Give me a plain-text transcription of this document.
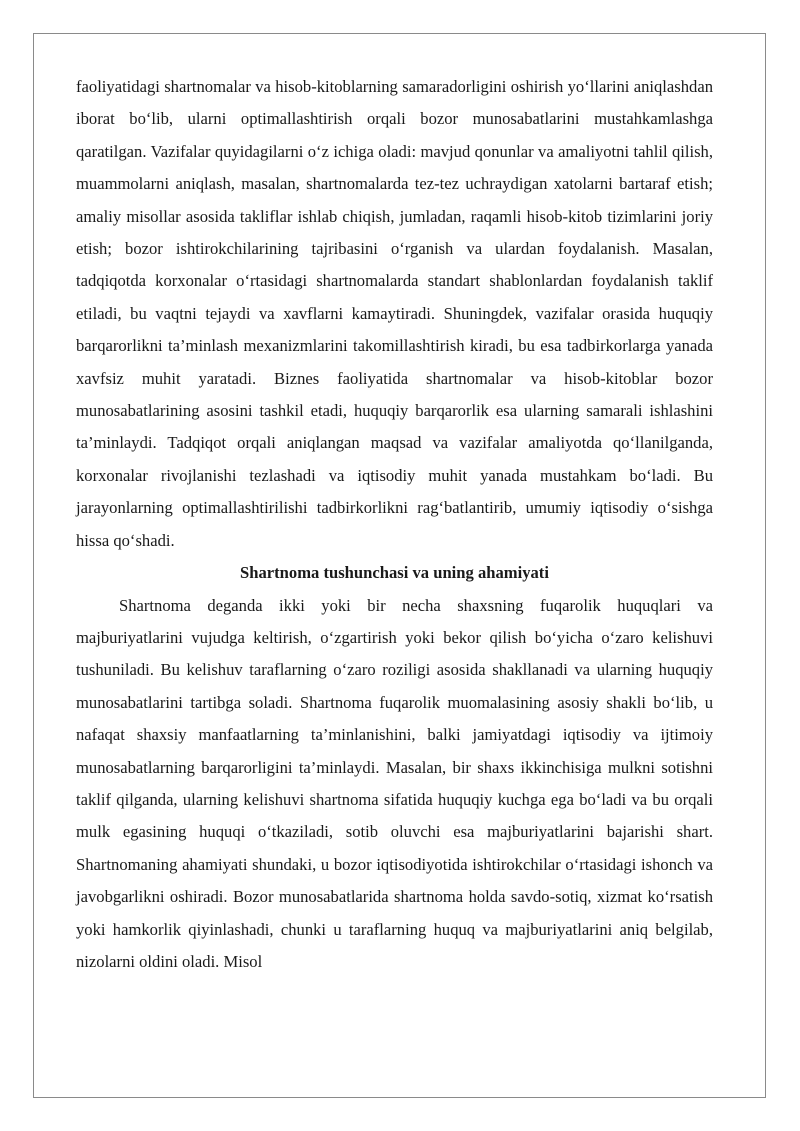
faoliyatidagi shartnomalar va hisob-kitoblarning samaradorligini oshirish yo‘llarini aniqlashdan iborat bo‘lib, ularni optimallashtirish orqali bozor munosabatlarini mustahkamlashga qaratilgan. Vazifalar quyidagilarni o‘z ichiga oladi: mavjud qonunlar va amaliyotni tahlil qilish, muammolarni aniqlash, masalan, shartnomalarda tez-tez uchraydigan xatolarni bartaraf etish; amaliy misollar asosida takliflar ishlab chiqish, jumladan, raqamli hisob-kitob tizimlarini joriy etish; bozor ishtirokchilarining tajribasini o‘rganish va ulardan foydalanish. Masalan, tadqiqotda korxonalar o‘rtasidagi shartnomalarda standart shablonlardan foydalanish taklif etiladi, bu vaqtni tejaydi va xavflarni kamaytiradi. Shuningdek, vazifalar orasida huquqiy barqarorlikni ta’minlash mexanizmlarini takomillashtirish kiradi, bu esa tadbirkorlarga yanada xavfsiz muhit yaratadi. Biznes faoliyatida shartnomalar va hisob-kitoblar bozor munosabatlarining asosini tashkil etadi, huquqiy barqarorlik esa ularning samarali ishlashini ta’minlaydi. Tadqiqot orqali aniqlangan maqsad va vazifalar amaliyotda qo‘llanilganda, korxonalar rivojlanishi tezlashadi va iqtisodiy muhit yanada mustahkam bo‘ladi. Bu jarayonlarning optimallashtirilishi tadbirkorlikni rag‘batlantirib, umumiy iqtisodiy o‘sishga hissa qo‘shadi.

Shartnoma tushunchasi va uning ahamiyati

Shartnoma deganda ikki yoki bir necha shaxsning fuqarolik huquqlari va majburiyatlarini vujudga keltirish, o‘zgartirish yoki bekor qilish bo‘yicha o‘zaro kelishuvi tushuniladi. Bu kelishuv taraflarning o‘zaro roziligi asosida shakllanadi va ularning huquqiy munosabatlarini tartibga soladi. Shartnoma fuqarolik muomalasining asosiy shakli bo‘lib, u nafaqat shaxsiy manfaatlarning ta’minlanishini, balki jamiyatdagi iqtisodiy va ijtimoiy munosabatlarning barqarorligini ta’minlaydi. Masalan, bir shaxs ikkinchisiga mulkni sotishni taklif qilganda, ularning kelishuvi shartnoma sifatida huquqiy kuchga ega bo‘ladi va bu orqali mulk egasining huquqi o‘tkaziladi, sotib oluvchi esa majburiyatlarini bajarishi shart. Shartnomaning ahamiyati shundaki, u bozor iqtisodiyotida ishtirokchilar o‘rtasidagi ishonch va javobgarlikni oshiradi. Bozor munosabatlarida shartnoma holda savdo-sotiq, xizmat ko‘rsatish yoki hamkorlik qiyinlashadi, chunki u taraflarning huquq va majburiyatlarini aniq belgilab, nizolarni oldini oladi. Misol
